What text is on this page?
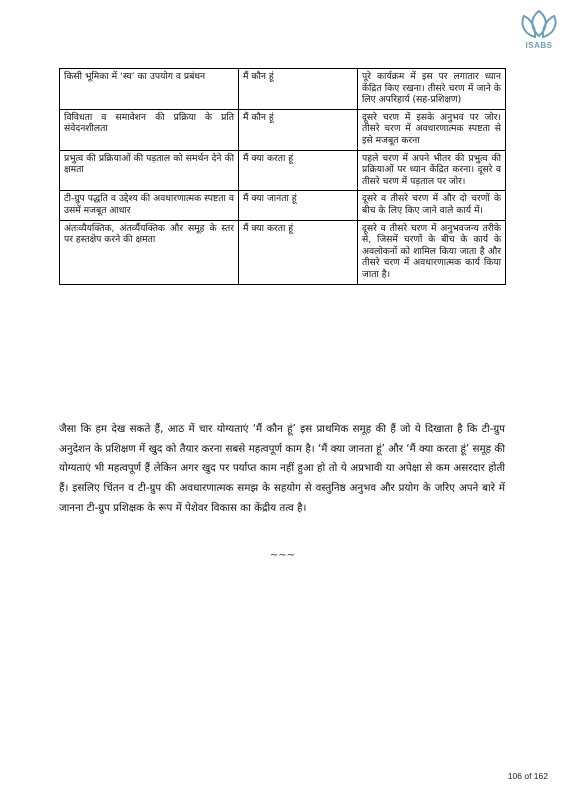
ISABS
किसी भूमिका में ‘स्व’ का उपयोग व प्रबंधन	मैं कौन हूं	पूरे कार्यक्रम में इस पर लगातार ध्यान केंद्रित किए रखना। तीसरे चरण में जाने के लिए अपरिहार्य (सह-प्रशिक्षण)
विविधता व समावेशन की प्रक्रिया के प्रति संवेदनशीलता	मैं कौन हूं	दूसरे चरण में इसके अनुभव पर जोर। तीसरे चरण में अवधारणात्मक स्पष्टता से इसे मजबूत करना
प्रभुत्व की प्रक्रियाओं की पड़ताल को समर्थन देने की क्षमता	मैं क्या करता हूं	पहले चरण में अपने भीतर की प्रभुत्व की प्रक्रियाओं पर ध्यान केंद्रित करना। दूसरे व तीसरे चरण में पड़ताल पर जोर।
टी-ग्रुप पद्धति व उद्देश्य की अवधारणात्मक स्पष्टता व उसमें मजबूत आधार	मैं क्या जानता हूं	दूसरे व तीसरे चरण में और दो चरणों के बीच के लिए किए जाने वाले कार्य में।
अंतःव्यैयक्तिक, अंतर्व्यैयक्तिक और समूह के स्तर पर हस्तक्षेप करने की क्षमता	मैं क्या करता हूं	दूसरे व तीसरे चरण में अनुभवजन्य तरीके से, जिसमें चरणों के बीच के कार्य के अवलोकनों को शामिल किया जाता है और तीसरे चरण में अवधारणात्मक कार्य किया जाता है।

जैसा कि हम देख सकते हैं, आठ में चार योग्यताएं ‘मैं कौन हूं’ इस प्राथमिक समूह की हैं जो ये दिखाता है कि टी-ग्रुप अनुदेशन के प्रशिक्षण में खुद को तैयार करना सबसे महत्वपूर्ण काम है। ‘मैं क्या जानता हूं’ और ‘मैं क्या करता हूं’ समूह की योग्यताएं भी महत्वपूर्ण हैं लेकिन अगर खुद पर पर्याप्त काम नहीं हुआ हो तो ये अप्रभावी या अपेक्षा से कम असरदार होती हैं। इसलिए चिंतन व टी-ग्रुप की अवधारणात्मक समझ के सहयोग से वस्तुनिष्ठ अनुभव और प्रयोग के जरिए अपने बारे में जानना टी-ग्रुप प्रशिक्षक के रूप में पेशेवर विकास का केंद्रीय तत्व है।

~~~
106 of 162
